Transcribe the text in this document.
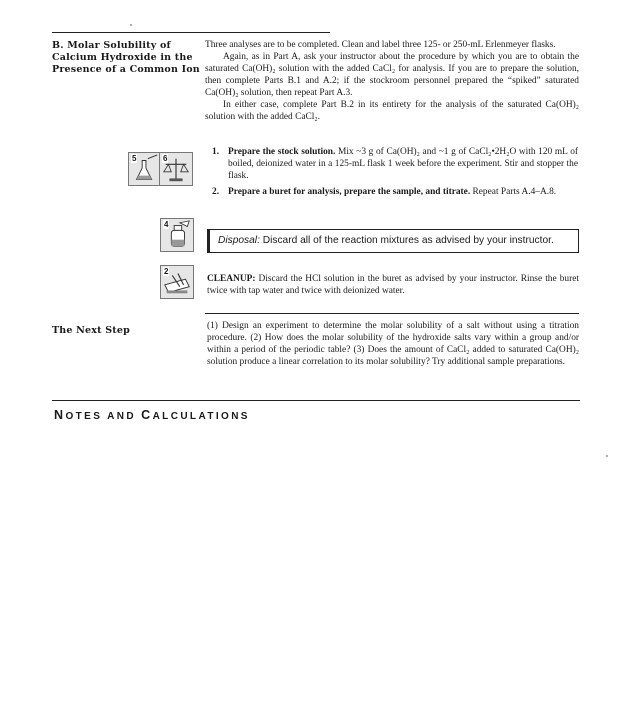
B. Molar Solubility of
Calcium Hydroxide in the
Presence of a Common Ion

Three analyses are to be completed. Clean and label three 125- or 250-mL Erlenmeyer flasks.

Again, as in Part A, ask your instructor about the procedure by which you are to obtain the saturated Ca(OH)₂ solution with the added CaCl₂ for analysis. If you are to prepare the solution, then complete Parts B.1 and A.2; if the stockroom personnel prepared the “spiked” saturated Ca(OH)₂ solution, then repeat Part A.3.

In either case, complete Part B.2 in its entirety for the analysis of the saturated Ca(OH)₂ solution with the added CaCl₂.

1. Prepare the stock solution. Mix ~3 g of Ca(OH)₂ and ~1 g of CaCl₂•2H₂O with 120 mL of boiled, deionized water in a 125-mL flask 1 week before the experiment. Stir and stopper the flask.
2. Prepare a buret for analysis, prepare the sample, and titrate. Repeat Parts A.4–A.8.
5	6
4
2
Disposal: Discard all of the reaction mixtures as advised by your instructor.
CLEANUP: Discard the HCl solution in the buret as advised by your instructor. Rinse the buret twice with tap water and twice with deionized water.
The Next Step	(1) Design an experiment to determine the molar solubility of a salt without using a titration procedure. (2) How does the molar solubility of the hydroxide salts vary within a group and/or within a period of the periodic table? (3) Does the amount of CaCl₂ added to saturated Ca(OH)₂ solution produce a linear correlation to its molar solubility? Try additional sample preparations.
NOTES AND CALCULATIONS
